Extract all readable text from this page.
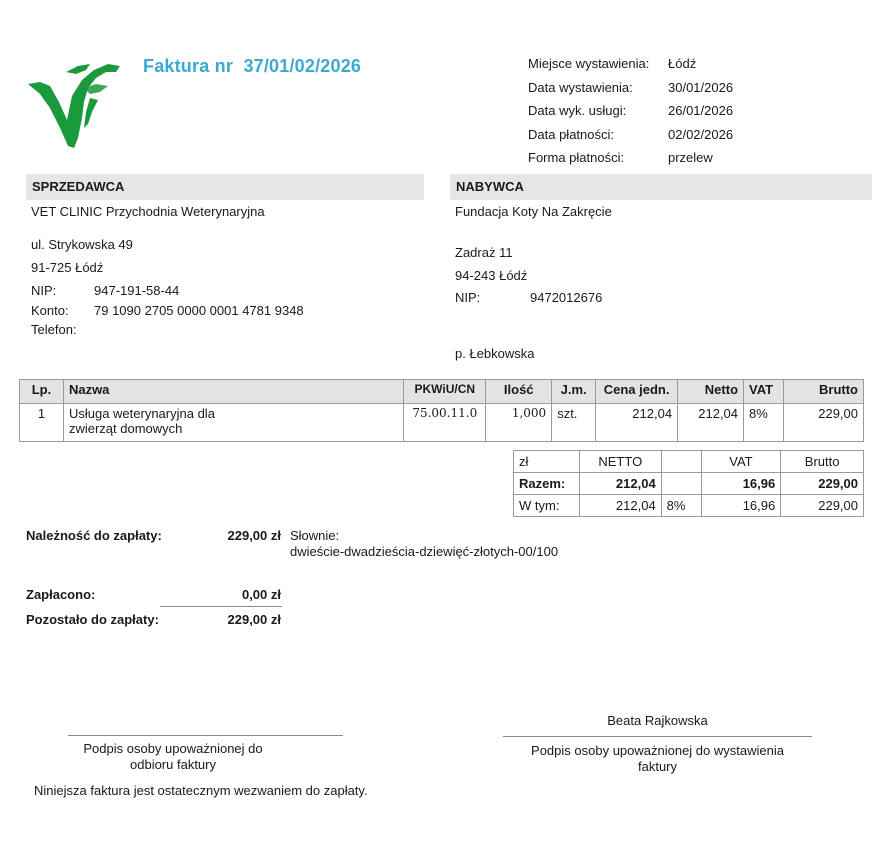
Faktura nr 37/01/02/2026	Miejsce wystawienia:	Łódź
Data wystawienia:	30/01/2026
Data wyk. usługi:	26/01/2026
Data płatności:	02/02/2026
Forma płatności:	przelew
SPRZEDAWCA
VET CLINIC Przychodnia Weterynaryjna
ul. Strykowska 49
91-725 Łódź
NIP:	947-191-58-44
Konto: 79 1090 2705 0000 0001 4781 9348
Telefon:
NABYWCA
Fundacja Koty Na Zakręcie
Zadraż 11
94-243 Łódź
NIP:	9472012676
p. Łebkowska
Lp.	Nazwa	PKWiU/CN	Ilość	J.m.	Cena jedn.	Netto	VAT	Brutto
1	Usługa weterynaryjna dla
zwierząt domowych	75.00.11.0	1,000	szt.	212,04	212,04	8%	229,00
zł	NETTO		VAT	Brutto
Razem:	212,04		16,96	229,00
W tym:	212,04	8%	16,96	229,00
Należność do zapłaty:	229,00 zł Słownie:
dwieście-dwadzieścia-dziewięć-złotych-00/100
Zapłacono:	0,00 zł
Pozostało do zapłaty:	229,00 zł
Podpis osoby upoważnionej do
odbioru faktury
Beata Rajkowska
Podpis osoby upoważnionej do wystawienia
faktury
Niniejsza faktura jest ostatecznym wezwaniem do zapłaty.
